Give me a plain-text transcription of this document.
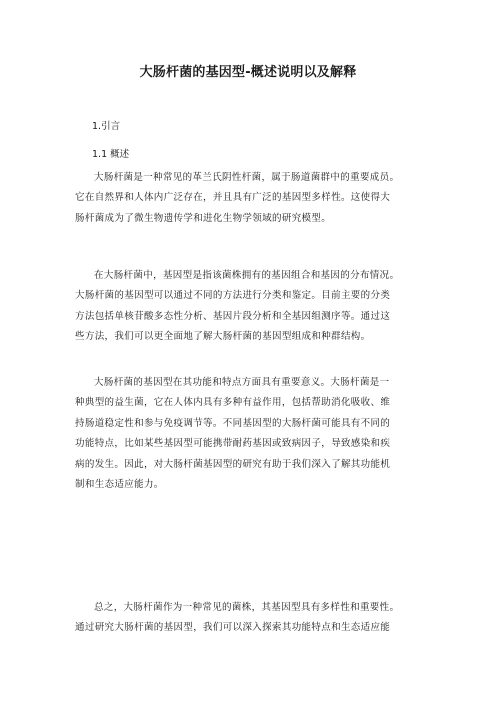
大肠杆菌的基因型-概述说明以及解释
1.引言
1.1 概述
大肠杆菌是一种常见的革兰氏阴性杆菌，属于肠道菌群中的重要成员。
它在自然界和人体内广泛存在，并且具有广泛的基因型多样性。这使得大
肠杆菌成为了微生物遗传学和进化生物学领域的研究模型。
在大肠杆菌中，基因型是指该菌株拥有的基因组合和基因的分布情况。
大肠杆菌的基因型可以通过不同的方法进行分类和鉴定。目前主要的分类
方法包括单核苷酸多态性分析、基因片段分析和全基因组测序等。通过这
些方法，我们可以更全面地了解大肠杆菌的基因型组成和种群结构。
大肠杆菌的基因型在其功能和特点方面具有重要意义。大肠杆菌是一
种典型的益生菌，它在人体内具有多种有益作用，包括帮助消化吸收、维
持肠道稳定性和参与免疫调节等。不同基因型的大肠杆菌可能具有不同的
功能特点，比如某些基因型可能携带耐药基因或致病因子，导致感染和疾
病的发生。因此，对大肠杆菌基因型的研究有助于我们深入了解其功能机
制和生态适应能力。
总之，大肠杆菌作为一种常见的菌株，其基因型具有多样性和重要性。
通过研究大肠杆菌的基因型，我们可以深入探索其功能特点和生态适应能
